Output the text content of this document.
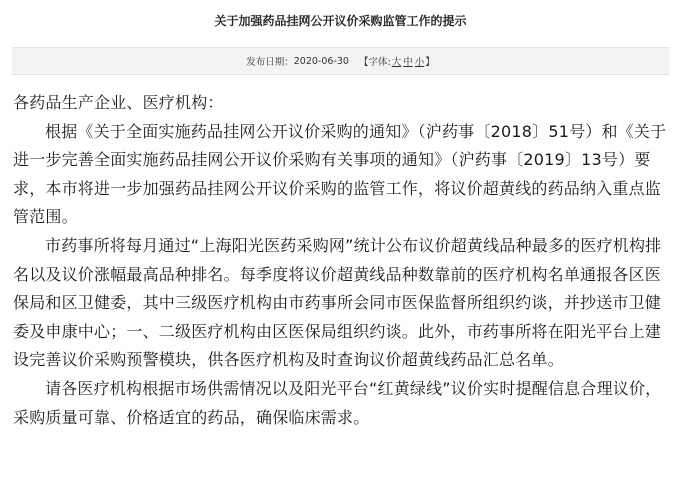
关于加强药品挂网公开议价采购监管工作的提示
发布日期： 2020-06-30 【字体: 大 中 小 】

各药品生产企业、医疗机构：

根据《关于全面实施药品挂网公开议价采购的通知》（沪药事〔2018〕51号）和《关于进一步完善全面实施药品挂网公开议价采购有关事项的通知》（沪药事〔2019〕13号）要求，本市将进一步加强药品挂网公开议价采购的监管工作，将议价超黄线的药品纳入重点监管范围。

市药事所将每月通过“上海阳光医药采购网”统计公布议价超黄线品种最多的医疗机构排名以及议价涨幅最高品种排名。每季度将议价超黄线品种数靠前的医疗机构名单通报各区医保局和区卫健委，其中三级医疗机构由市药事所会同市医保监督所组织约谈，并抄送市卫健委及申康中心；一、二级医疗机构由区医保局组织约谈。此外，市药事所将在阳光平台上建设完善议价采购预警模块，供各医疗机构及时查询议价超黄线药品汇总名单。

请各医疗机构根据市场供需情况以及阳光平台“红黄绿线”议价实时提醒信息合理议价，采购质量可靠、价格适宜的药品，确保临床需求。
